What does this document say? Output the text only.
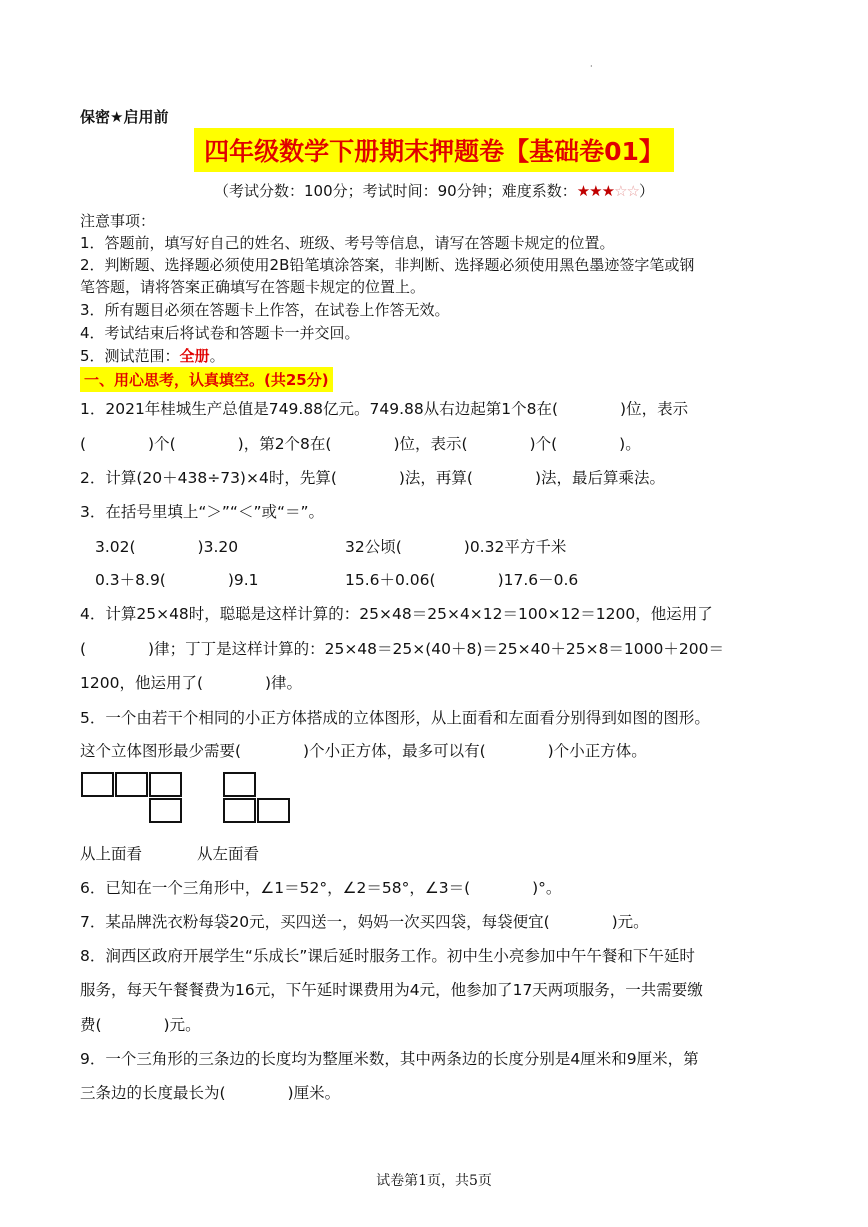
·
保密★启用前
四年级数学下册期末押题卷【基础卷01】
（考试分数：100分；考试时间：90分钟；难度系数：★★★☆☆）
注意事项：
1．答题前，填写好自己的姓名、班级、考号等信息，请写在答题卡规定的位置。
2．判断题、选择题必须使用2B铅笔填涂答案，非判断、选择题必须使用黑色墨迹签字笔或钢
笔答题，请将答案正确填写在答题卡规定的位置上。
3．所有题目必须在答题卡上作答，在试卷上作答无效。
4．考试结束后将试卷和答题卡一并交回。
5．测试范围：全册。
一、用心思考，认真填空。(共25分)
1．2021年桂城生产总值是749.88亿元。749.88从右边起第1个8在(　　　　)位，表示
(　　　　)个(　　　　)，第2个8在(　　　　)位，表示(　　　　)个(　　　　)。
2．计算(20＋438÷73)×4时，先算(　　　　)法，再算(　　　　)法，最后算乘法。
3．在括号里填上“＞”“＜”或“＝”。
3.02(　　　　)3.20	32公顷(　　　　)0.32平方千米
0.3＋8.9(　　　　)9.1	15.6＋0.06(　　　　)17.6－0.6
4．计算25×48时，聪聪是这样计算的：25×48＝25×4×12＝100×12＝1200，他运用了
(　　　　)律；丁丁是这样计算的：25×48＝25×(40＋8)＝25×40＋25×8＝1000＋200＝
1200，他运用了(　　　　)律。
5．一个由若干个相同的小正方体搭成的立体图形，从上面看和左面看分别得到如图的图形。
这个立体图形最少需要(　　　　)个小正方体，最多可以有(　　　　)个小正方体。
从上面看	从左面看
6．已知在一个三角形中，∠1＝52°，∠2＝58°，∠3＝(　　　　)°。
7．某品牌洗衣粉每袋20元，买四送一，妈妈一次买四袋，每袋便宜(　　　　)元。
8．涧西区政府开展学生“乐成长”课后延时服务工作。初中生小亮参加中午午餐和下午延时
服务，每天午餐餐费为16元，下午延时课费用为4元，他参加了17天两项服务，一共需要缴
费(　　　　)元。
9．一个三角形的三条边的长度均为整厘米数，其中两条边的长度分别是4厘米和9厘米，第
三条边的长度最长为(　　　　)厘米。
试卷第1页，共5页
